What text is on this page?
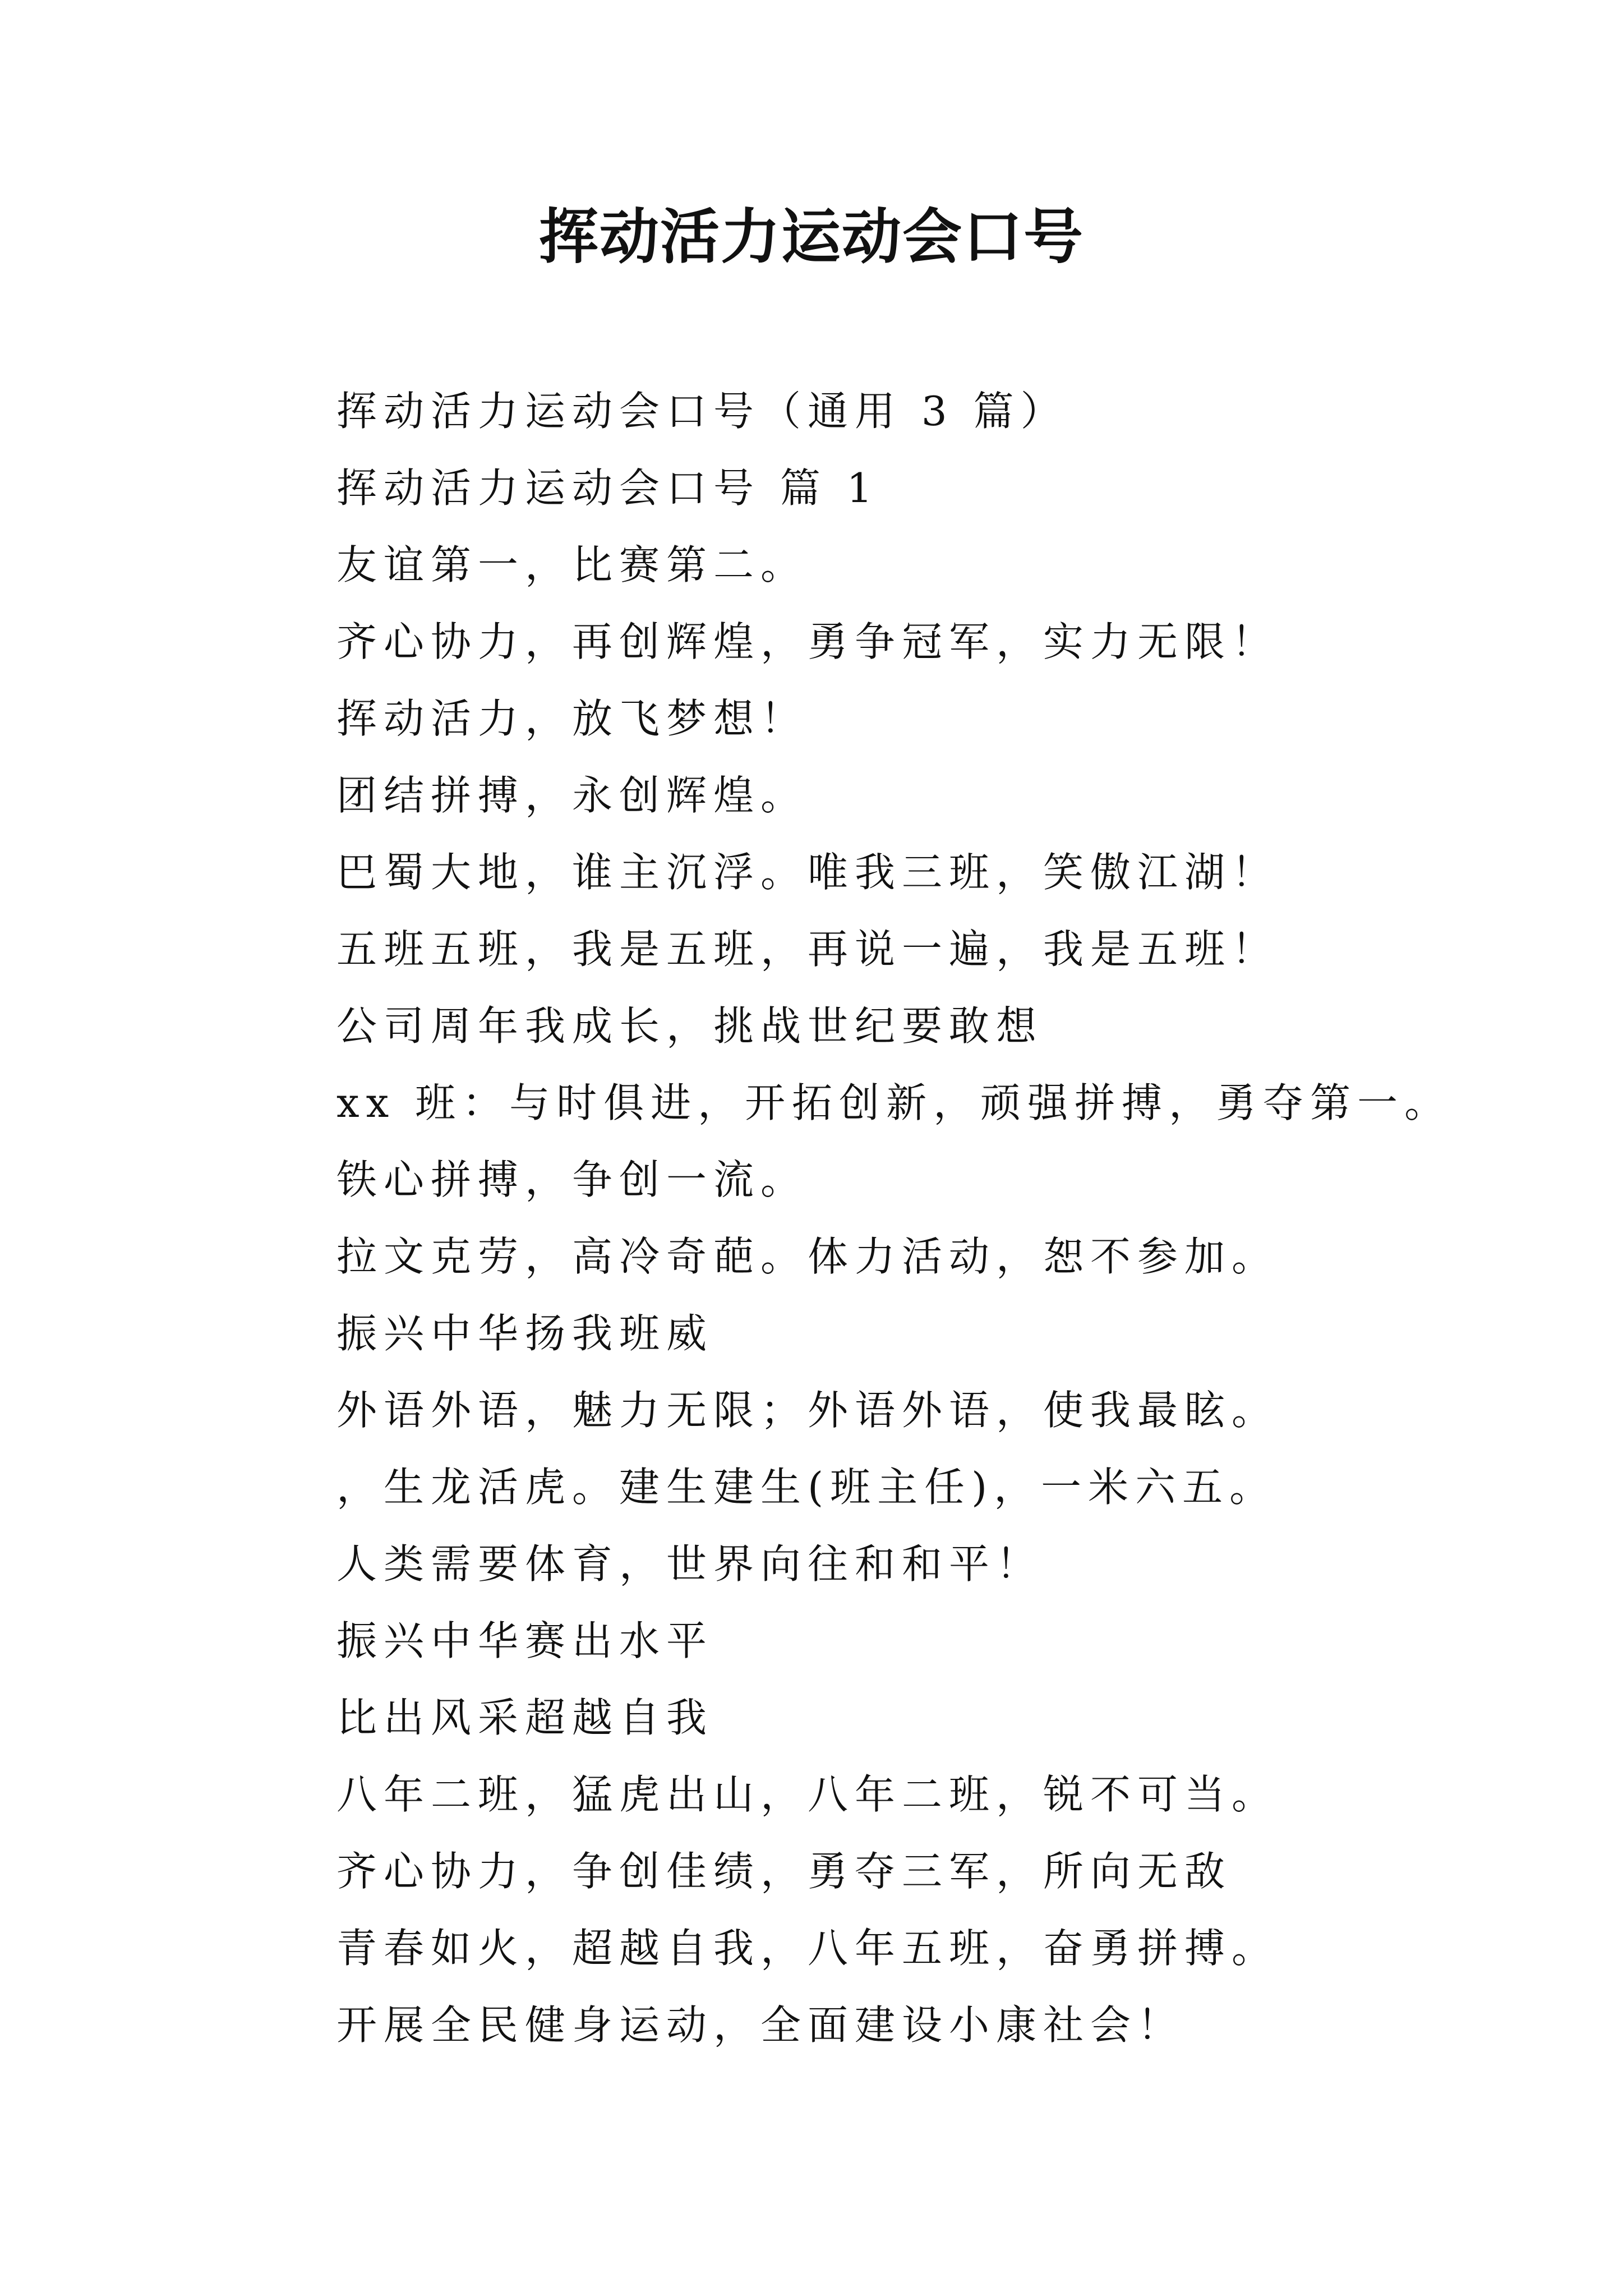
挥动活力运动会口号
挥动活力运动会口号（通用 3 篇）
挥动活力运动会口号 篇 1
友谊第一，比赛第二。
齐心协力，再创辉煌，勇争冠军，实力无限！
挥动活力，放飞梦想！
团结拼搏，永创辉煌。
巴蜀大地，谁主沉浮。唯我三班，笑傲江湖！
五班五班，我是五班，再说一遍，我是五班！
公司周年我成长，挑战世纪要敢想
xx 班：与时俱进，开拓创新，顽强拼搏，勇夺第一。
铁心拼搏，争创一流。
拉文克劳，高冷奇葩。体力活动，恕不参加。
振兴中华扬我班威
外语外语，魅力无限；外语外语，使我最眩。
，生龙活虎。建生建生(班主任)，一米六五。
人类需要体育，世界向往和和平！
振兴中华赛出水平
比出风采超越自我
八年二班，猛虎出山，八年二班，锐不可当。
齐心协力，争创佳绩，勇夺三军，所向无敌
青春如火，超越自我，八年五班，奋勇拼搏。
开展全民健身运动，全面建设小康社会！
